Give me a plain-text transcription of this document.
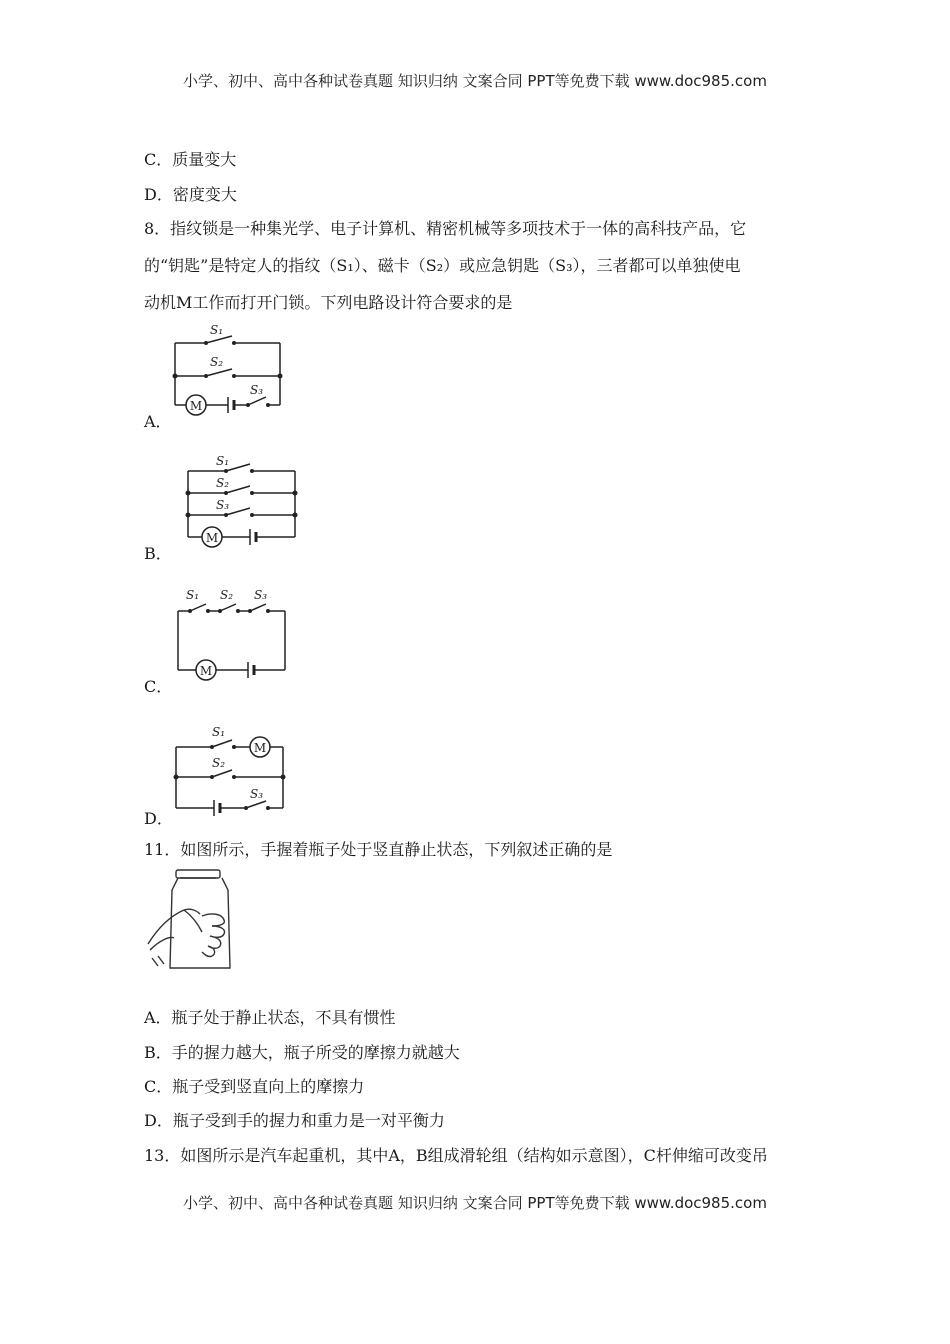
小学、初中、高中各种试卷真题 知识归纳 文案合同 PPT等免费下载 www.doc985.com
C．质量变大
D．密度变大
8．指纹锁是一种集光学、电子计算机、精密机械等多项技术于一体的高科技产品，它
的“钥匙”是特定人的指纹（S₁）、磁卡（S₂）或应急钥匙（S₃），三者都可以单独使电
动机M工作而打开门锁。下列电路设计符合要求的是
A．
S₁
S₂
S₃
M
B．
S₁
S₂
S₃
M
C．
S₁ S₂ S₃
M
D．
S₁
S₂
S₃
M
11．如图所示，手握着瓶子处于竖直静止状态，下列叙述正确的是
A．瓶子处于静止状态，不具有惯性
B．手的握力越大，瓶子所受的摩擦力就越大
C．瓶子受到竖直向上的摩擦力
D．瓶子受到手的握力和重力是一对平衡力
13．如图所示是汽车起重机，其中A，B组成滑轮组（结构如示意图），C杆伸缩可改变吊
小学、初中、高中各种试卷真题 知识归纳 文案合同 PPT等免费下载 www.doc985.com
